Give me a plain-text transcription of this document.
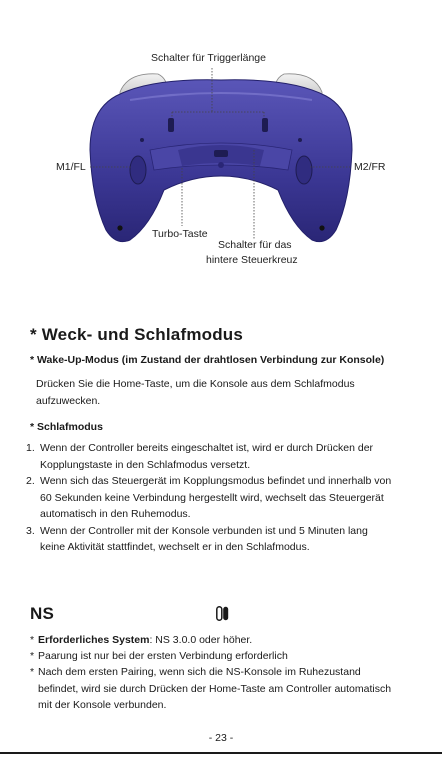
Schalter für Triggerlänge
M1/FL	M2/FR
Turbo-Taste
Schalter für das
hintere Steuerkreuz
* Weck- und Schlafmodus
* Wake-Up-Modus (im Zustand der drahtlosen Verbindung zur Konsole)
Drücken Sie die Home-Taste, um die Konsole aus dem Schlafmodus
aufzuwecken.
* Schlafmodus
1. Wenn der Controller bereits eingeschaltet ist, wird er durch Drücken der
Kopplungstaste in den Schlafmodus versetzt.
2. Wenn sich das Steuergerät im Kopplungsmodus befindet und innerhalb von
60 Sekunden keine Verbindung hergestellt wird, wechselt das Steuergerät
automatisch in den Ruhemodus.
3. Wenn der Controller mit der Konsole verbunden ist und 5 Minuten lang
keine Aktivität stattfindet, wechselt er in den Schlafmodus.
NS
* Erforderliches System: NS 3.0.0 oder höher.
* Paarung ist nur bei der ersten Verbindung erforderlich
* Nach dem ersten Pairing, wenn sich die NS-Konsole im Ruhezustand
befindet, wird sie durch Drücken der Home-Taste am Controller automatisch
mit der Konsole verbunden.
- 23 -
